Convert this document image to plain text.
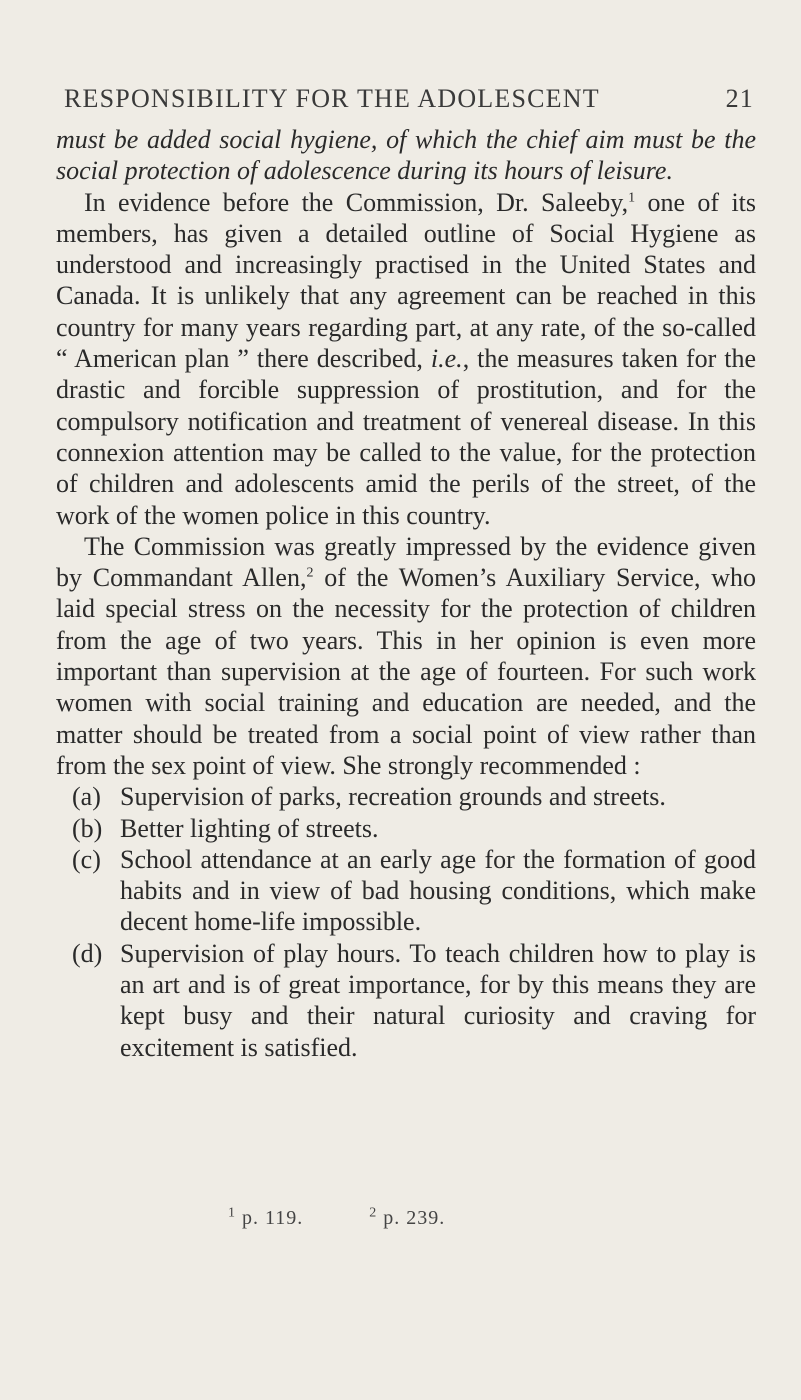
RESPONSIBILITY FOR THE ADOLESCENT	21

must be added social hygiene, of which the chief aim must be the social protection of adolescence during its hours of leisure.

In evidence before the Commission, Dr. Saleeby,$^1$ one of its members, has given a detailed outline of Social Hygiene as understood and increasingly practised in the United States and Canada. It is unlikely that any agreement can be reached in this country for many years regarding part, at any rate, of the so-called “ American plan ” there described, i.e., the measures taken for the drastic and forcible suppression of prostitution, and for the compulsory notification and treatment of venereal disease. In this connexion attention may be called to the value, for the protection of children and adolescents amid the perils of the street, of the work of the women police in this country.

The Commission was greatly impressed by the evidence given by Commandant Allen,$^2$ of the Women’s Auxiliary Service, who laid special stress on the necessity for the protection of children from the age of two years. This in her opinion is even more important than supervision at the age of fourteen. For such work women with social training and education are needed, and the matter should be treated from a social point of view rather than from the sex point of view. She strongly recommended :

(a) Supervision of parks, recreation grounds and streets.
(b) Better lighting of streets.
(c) School attendance at an early age for the formation of good habits and in view of bad housing conditions, which make decent home-life impossible.
(d) Supervision of play hours. To teach children how to play is an art and is of great importance, for by this means they are kept busy and their natural curiosity and craving for excitement is satisfied.
$^1$ p. 119.	$^2$ p. 239.
